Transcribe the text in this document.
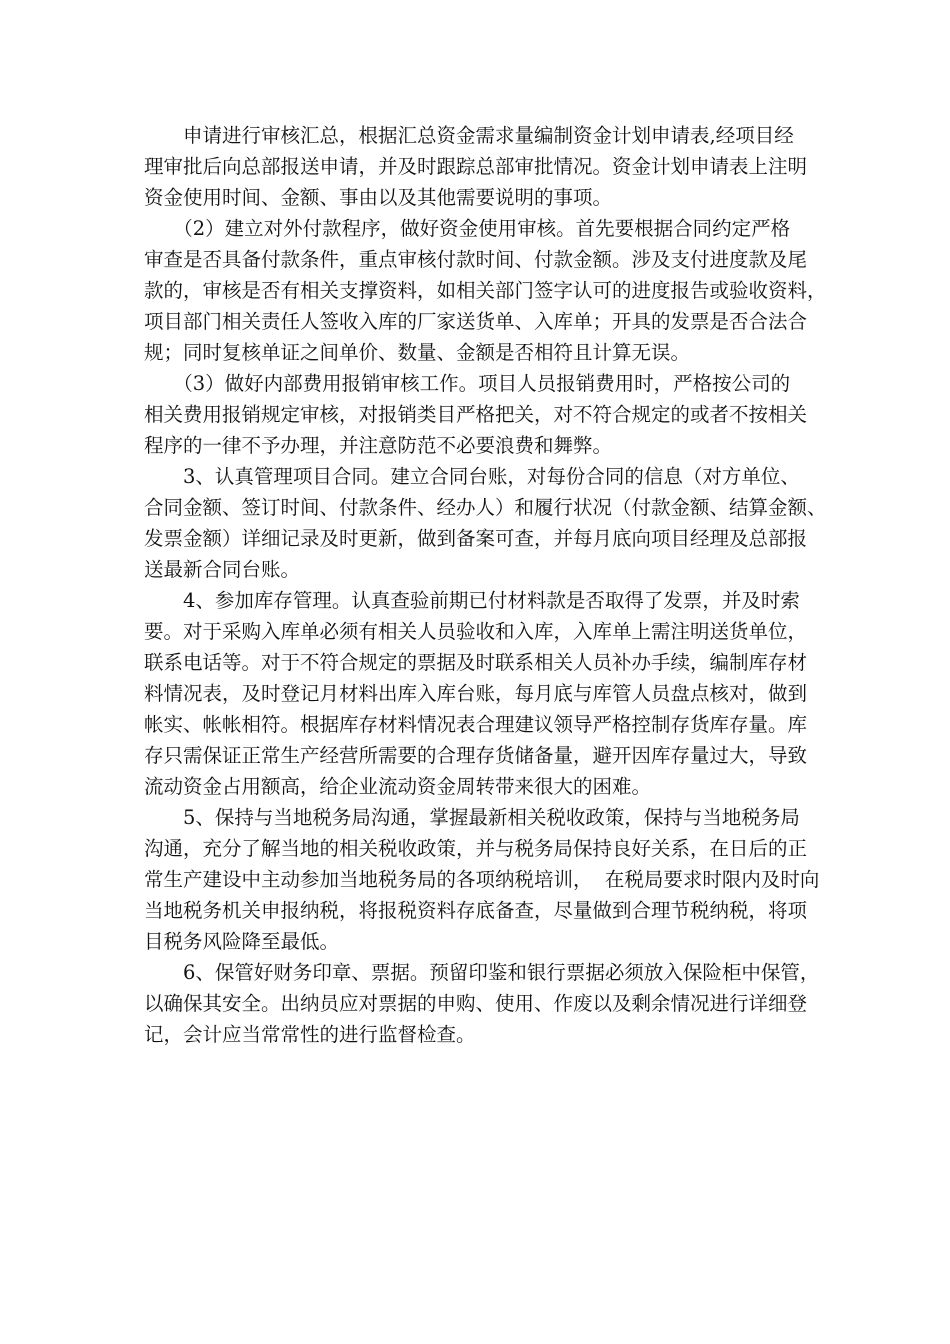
申请进行审核汇总，根据汇总资金需求量编制资金计划申请表,经项目经
理审批后向总部报送申请，并及时跟踪总部审批情况。资金计划申请表上注明
资金使用时间、金额、事由以及其他需要说明的事项。
（2）建立对外付款程序，做好资金使用审核。首先要根据合同约定严格
审查是否具备付款条件，重点审核付款时间、付款金额。涉及支付进度款及尾
款的，审核是否有相关支撑资料，如相关部门签字认可的进度报告或验收资料，
项目部门相关责任人签收入库的厂家送货单、入库单；开具的发票是否合法合
规；同时复核单证之间单价、数量、金额是否相符且计算无误。
（3）做好内部费用报销审核工作。项目人员报销费用时，严格按公司的
相关费用报销规定审核，对报销类目严格把关，对不符合规定的或者不按相关
程序的一律不予办理，并注意防范不必要浪费和舞弊。
3、认真管理项目合同。建立合同台账，对每份合同的信息（对方单位、
合同金额、签订时间、付款条件、经办人）和履行状况（付款金额、结算金额、
发票金额）详细记录及时更新，做到备案可查，并每月底向项目经理及总部报
送最新合同台账。
4、参加库存管理。认真查验前期已付材料款是否取得了发票，并及时索
要。对于采购入库单必须有相关人员验收和入库，入库单上需注明送货单位，
联系电话等。对于不符合规定的票据及时联系相关人员补办手续，编制库存材
料情况表，及时登记月材料出库入库台账，每月底与库管人员盘点核对，做到
帐实、帐帐相符。根据库存材料情况表合理建议领导严格控制存货库存量。库
存只需保证正常生产经营所需要的合理存货储备量，避开因库存量过大，导致
流动资金占用额高，给企业流动资金周转带来很大的困难。
5、保持与当地税务局沟通，掌握最新相关税收政策，保持与当地税务局
沟通，充分了解当地的相关税收政策，并与税务局保持良好关系，在日后的正
常生产建设中主动参加当地税务局的各项纳税培训，  在税局要求时限内及时向
当地税务机关申报纳税，将报税资料存底备查，尽量做到合理节税纳税，将项
目税务风险降至最低。
6、保管好财务印章、票据。预留印鉴和银行票据必须放入保险柜中保管，
以确保其安全。出纳员应对票据的申购、使用、作废以及剩余情况进行详细登
记，会计应当常常性的进行监督检查。
